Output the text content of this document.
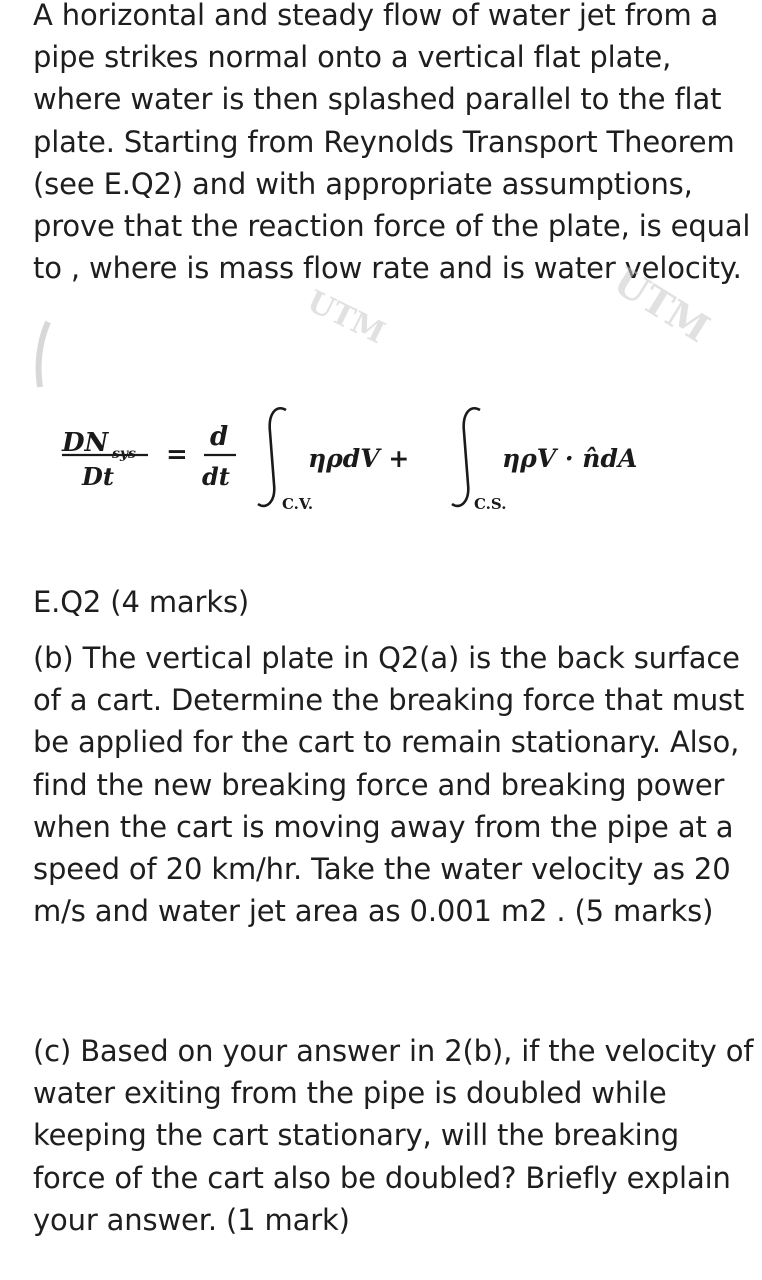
A horizontal and steady flow of water jet from a pipe strikes normal onto a vertical flat plate, where water is then splashed parallel to the flat plate. Starting from Reynolds Transport Theorem (see E.Q2) and with appropriate assumptions, prove that the reaction force of the plate, is equal to , where is mass flow rate and is water velocity.

UTM	UTM
DN sys
Dt
=
d
dt
C.V.
ηρdV +
C.S.
ηρV · n̂dA

E.Q2 (4 marks)

(b) The vertical plate in Q2(a) is the back surface of a cart. Determine the breaking force that must be applied for the cart to remain stationary. Also, find the new breaking force and breaking power when the cart is moving away from the pipe at a speed of 20 km/hr. Take the water velocity as 20 m/s and water jet area as 0.001 m2 . (5 marks)

(c) Based on your answer in 2(b), if the velocity of water exiting from the pipe is doubled while keeping the cart stationary, will the breaking force of the cart also be doubled? Briefly explain your answer. (1 mark)
